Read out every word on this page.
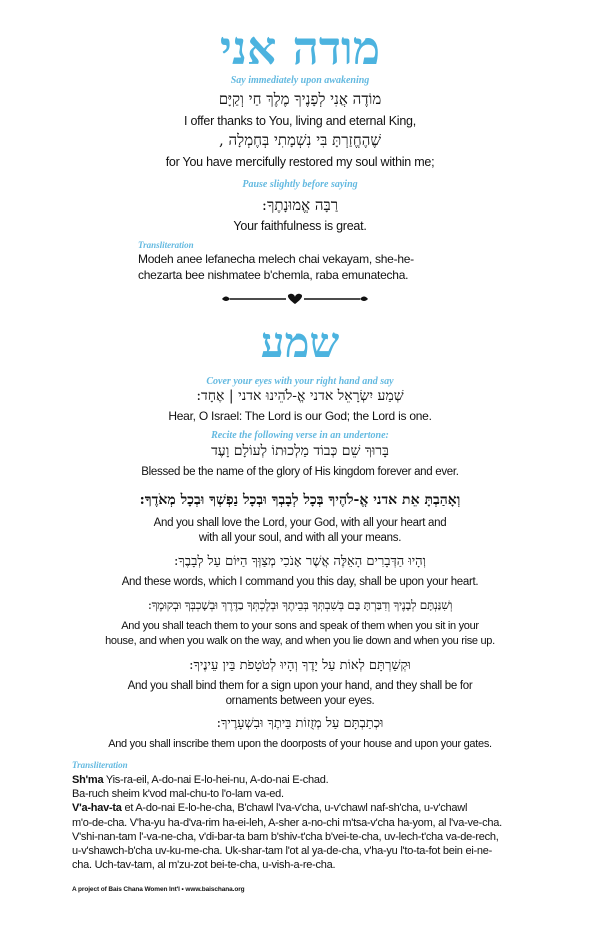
מודה אני
Say immediately upon awakening
מוֹדֶה אֲנִי לְפָנֶיךָ מֶלֶךְ חַי וְקַיָּם
I offer thanks to You, living and eternal King,
שֶׁהֶחֱזַרְתָּ בִּי נִשְׁמָתִי בְּחֶמְלָה ,
for You have mercifully restored my soul within me;
Pause slightly before saying
רַבָּה אֱמוּנָתֶךָ:
Your faithfulness is great.
Transliteration
Modeh anee lefanecha melech chai vekayam, she-he-
chezarta bee nishmatee b'chemla, raba emunatecha.
שמע
Cover your eyes with your right hand and say
שְׁמַע יִשְׂרָאֵל אדני אֱ-לֹהֵינוּ אדני | אֶחָד:
Hear, O Israel: The Lord is our God; the Lord is one.
Recite the following verse in an undertone:
בָּרוּךְ שֵׁם כְּבוֹד מַלְכוּתוֹ לְעוֹלָם וָעֶד
Blessed be the name of the glory of His kingdom forever and ever.
וְאָהַבְתָּ אֵת אדני אֱ-לֹהֶיךָ בְּכָל לְבָבְךָ וּבְכָל נַפְשְׁךָ וּבְכָל מְאֹדֶךָ:
And you shall love the Lord, your God, with all your heart and
with all your soul, and with all your means.
וְהָיוּ הַדְּבָרִים הָאֵלֶּה אֲשֶׁר אָנֹכִי מְצַוְּךָ הַיּוֹם עַל לְבָבֶךָ:
And these words, which I command you this day, shall be upon your heart.
וְשִׁנַּנְתָּם לְבָנֶיךָ וְדִבַּרְתָּ בָּם בְּשִׁבְתְּךָ בְּבֵיתֶךָ וּבְלֶכְתְּךָ בַדֶּרֶךְ וּבְשָׁכְבְּךָ וּבְקוּמֶךָ:
And you shall teach them to your sons and speak of them when you sit in your
house, and when you walk on the way, and when you lie down and when you rise up.
וּקְשַׁרְתָּם לְאוֹת עַל יָדֶךָ וְהָיוּ לְטֹטָפֹת בֵּין עֵינֶיךָ:
And you shall bind them for a sign upon your hand, and they shall be for
ornaments between your eyes.
וּכְתַבְתָּם עַל מְזֻזוֹת בֵּיתֶךָ וּבִשְׁעָרֶיךָ:
And you shall inscribe them upon the doorposts of your house and upon your gates.
Transliteration
Sh'ma Yis-ra-eil, A-do-nai E-lo-hei-nu, A-do-nai E-chad.
Ba-ruch sheim k'vod mal-chu-to l'o-lam va-ed.
V'a-hav-ta et A-do-nai E-lo-he-cha, B'chawl l'va-v'cha, u-v'chawl naf-sh'cha, u-v'chawl
m'o-de-cha. V'ha-yu ha-d'va-rim ha-ei-leh, A-sher a-no-chi m'tsa-v'cha ha-yom, al l'va-ve-cha.
V'shi-nan-tam l'-va-ne-cha, v'di-bar-ta bam b'shiv-t'cha b'vei-te-cha, uv-lech-t'cha va-de-rech,
u-v'shawch-b'cha uv-ku-me-cha. Uk-shar-tam l'ot al ya-de-cha, v'ha-yu l'to-ta-fot bein ei-ne-
cha. Uch-tav-tam, al m'zu-zot bei-te-cha, u-vish-a-re-cha.
A project of Bais Chana Women Int'l • www.baischana.org
